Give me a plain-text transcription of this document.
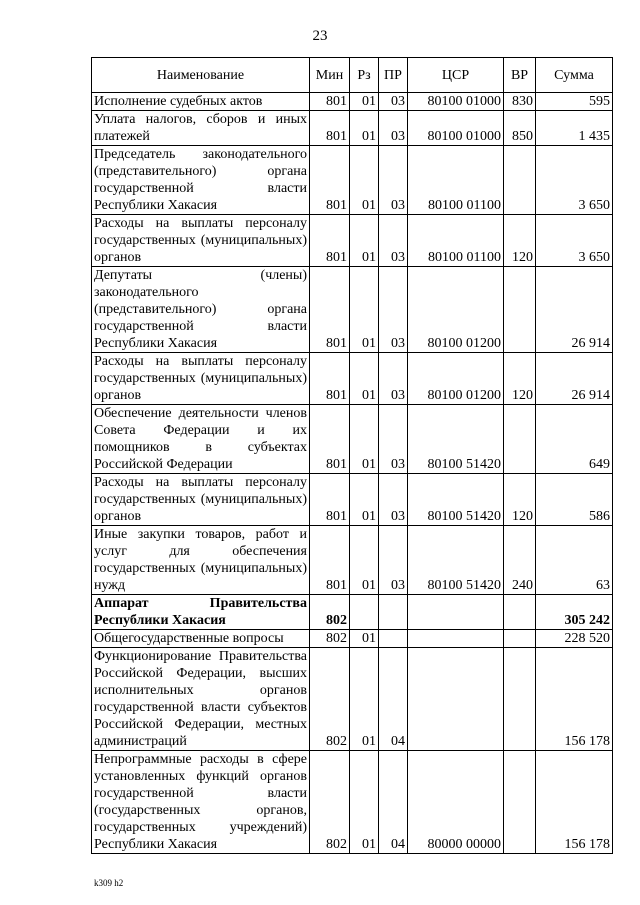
23
Наименование	Мин	Рз	ПР	ЦСР	ВР	Сумма
Исполнение судебных актов	801	01	03	80100 01000	830	595
Уплата налогов, сборов и иных платежей	801	01	03	80100 01000	850	1 435
Председатель законодательного (представительного) органа государственной власти Республики Хакасия	801	01	03	80100 01100		3 650
Расходы на выплаты персоналу государственных (муниципальных) органов	801	01	03	80100 01100	120	3 650
Депутаты (члены) законодательного (представительного) органа государственной власти Республики Хакасия	801	01	03	80100 01200		26 914
Расходы на выплаты персоналу государственных (муниципальных) органов	801	01	03	80100 01200	120	26 914
Обеспечение деятельности членов Совета Федерации и их помощников в субъектах Российской Федерации	801	01	03	80100 51420		649
Расходы на выплаты персоналу государственных (муниципальных) органов	801	01	03	80100 51420	120	586
Иные закупки товаров, работ и услуг для обеспечения государственных (муниципальных) нужд	801	01	03	80100 51420	240	63
Аппарат Правительства Республики Хакасия	802					305 242
Общегосударственные вопросы	802	01				228 520
Функционирование Правительства Российской Федерации, высших исполнительных органов государственной власти субъектов Российской Федерации, местных администраций	802	01	04			156 178
Непрограммные расходы в сфере установленных функций органов государственной власти (государственных органов, государственных учреждений) Республики Хакасия	802	01	04	80000 00000		156 178
k309 h2
